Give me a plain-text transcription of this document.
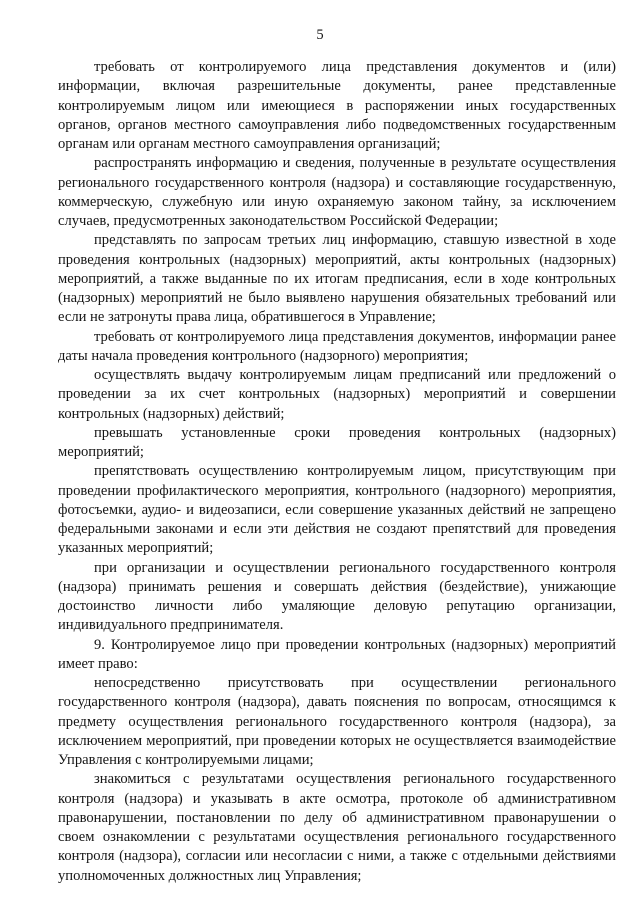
5

требовать от контролируемого лица представления документов и (или) информации, включая разрешительные документы, ранее представленные контролируемым лицом или имеющиеся в распоряжении иных государственных органов, органов местного самоуправления либо подведомственных государственным органам или органам местного самоуправления организаций;

распространять информацию и сведения, полученные в результате осуществления регионального государственного контроля (надзора) и составляющие государственную, коммерческую, служебную или иную охраняемую законом тайну, за исключением случаев, предусмотренных законодательством Российской Федерации;

представлять по запросам третьих лиц информацию, ставшую известной в ходе проведения контрольных (надзорных) мероприятий, акты контрольных (надзорных) мероприятий, а также выданные по их итогам предписания, если в ходе контрольных (надзорных) мероприятий не было выявлено нарушения обязательных требований или если не затронуты права лица, обратившегося в Управление;

требовать от контролируемого лица представления документов, информации ранее даты начала проведения контрольного (надзорного) мероприятия;

осуществлять выдачу контролируемым лицам предписаний или предложений о проведении за их счет контрольных (надзорных) мероприятий и совершении контрольных (надзорных) действий;

превышать установленные сроки проведения контрольных (надзорных) мероприятий;

препятствовать осуществлению контролируемым лицом, присутствующим при проведении профилактического мероприятия, контрольного (надзорного) мероприятия, фотосъемки, аудио- и видеозаписи, если совершение указанных действий не запрещено федеральными законами и если эти действия не создают препятствий для проведения указанных мероприятий;

при организации и осуществлении регионального государственного контроля (надзора) принимать решения и совершать действия (бездействие), унижающие достоинство личности либо умаляющие деловую репутацию организации, индивидуального предпринимателя.

9. Контролируемое лицо при проведении контрольных (надзорных) мероприятий имеет право:

непосредственно присутствовать при осуществлении регионального государственного контроля (надзора), давать пояснения по вопросам, относящимся к предмету осуществления регионального государственного контроля (надзора), за исключением мероприятий, при проведении которых не осуществляется взаимодействие Управления с контролируемыми лицами;

знакомиться с результатами осуществления регионального государственного контроля (надзора) и указывать в акте осмотра, протоколе об административном правонарушении, постановлении по делу об административном правонарушении о своем ознакомлении с результатами осуществления регионального государственного контроля (надзора), согласии или несогласии с ними, а также с отдельными действиями уполномоченных должностных лиц Управления;
